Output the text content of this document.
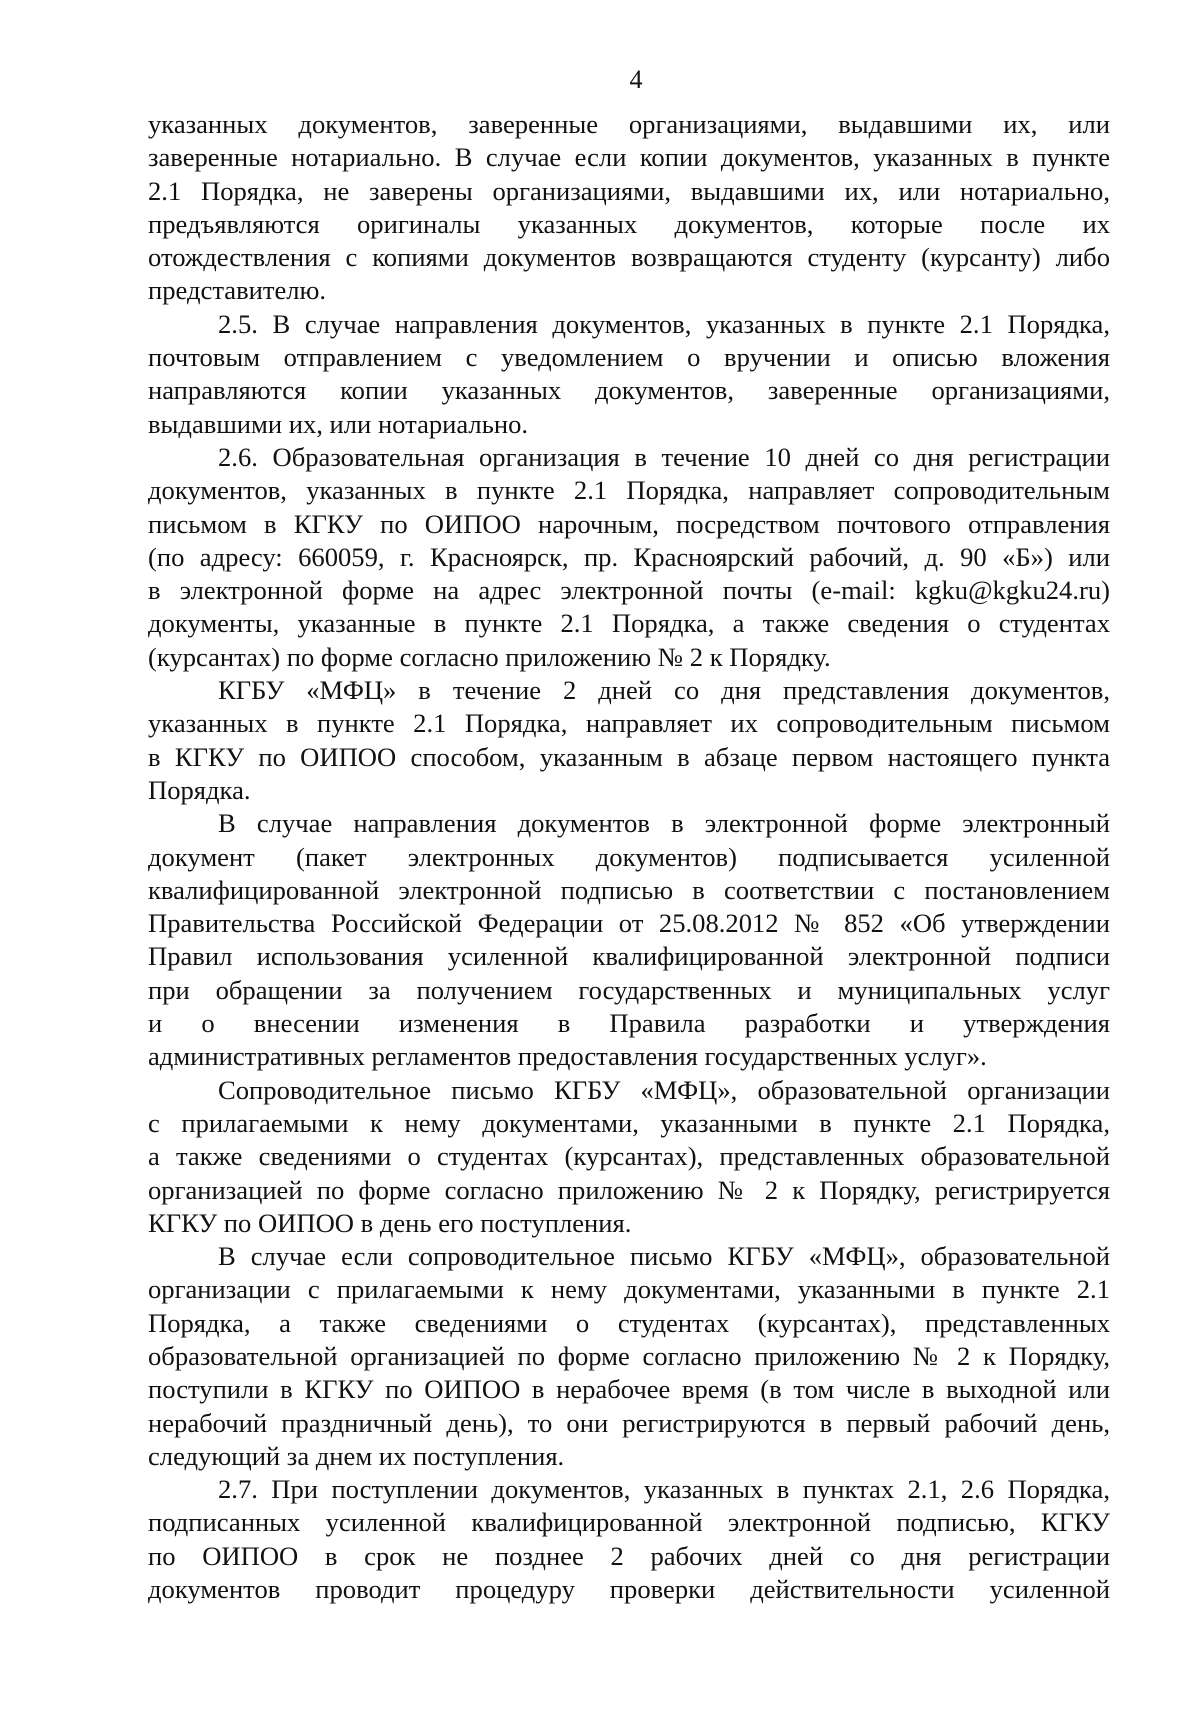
4
указанных документов, заверенные организациями, выдавшими их, или
заверенные нотариально. В случае если копии документов, указанных в пункте
2.1 Порядка, не заверены организациями, выдавшими их, или нотариально,
предъявляются оригиналы указанных документов, которые после их
отождествления с копиями документов возвращаются студенту (курсанту) либо
представителю.
2.5. В случае направления документов, указанных в пункте 2.1 Порядка,
почтовым отправлением с уведомлением о вручении и описью вложения
направляются копии указанных документов, заверенные организациями,
выдавшими их, или нотариально.
2.6. Образовательная организация в течение 10 дней со дня регистрации
документов, указанных в пункте 2.1 Порядка, направляет сопроводительным
письмом в КГКУ по ОИПОО нарочным, посредством почтового отправления
(по адресу: 660059, г. Красноярск, пр. Красноярский рабочий, д. 90 «Б») или
в электронной форме на адрес электронной почты (e-mail: kgku@kgku24.ru)
документы, указанные в пункте 2.1 Порядка, а также сведения о студентах
(курсантах) по форме согласно приложению № 2 к Порядку.
КГБУ «МФЦ» в течение 2 дней со дня представления документов,
указанных в пункте 2.1 Порядка, направляет их сопроводительным письмом
в КГКУ по ОИПОО способом, указанным в абзаце первом настоящего пункта
Порядка.
В случае направления документов в электронной форме электронный
документ (пакет электронных документов) подписывается усиленной
квалифицированной электронной подписью в соответствии с постановлением
Правительства Российской Федерации от 25.08.2012 № 852 «Об утверждении
Правил использования усиленной квалифицированной электронной подписи
при обращении за получением государственных и муниципальных услуг
и о внесении изменения в Правила разработки и утверждения
административных регламентов предоставления государственных услуг».
Сопроводительное письмо КГБУ «МФЦ», образовательной организации
с прилагаемыми к нему документами, указанными в пункте 2.1 Порядка,
а также сведениями о студентах (курсантах), представленных образовательной
организацией по форме согласно приложению № 2 к Порядку, регистрируется
КГКУ по ОИПОО в день его поступления.
В случае если сопроводительное письмо КГБУ «МФЦ», образовательной
организации с прилагаемыми к нему документами, указанными в пункте 2.1
Порядка, а также сведениями о студентах (курсантах), представленных
образовательной организацией по форме согласно приложению № 2 к Порядку,
поступили в КГКУ по ОИПОО в нерабочее время (в том числе в выходной или
нерабочий праздничный день), то они регистрируются в первый рабочий день,
следующий за днем их поступления.
2.7. При поступлении документов, указанных в пунктах 2.1, 2.6 Порядка,
подписанных усиленной квалифицированной электронной подписью, КГКУ
по ОИПОО в срок не позднее 2 рабочих дней со дня регистрации
документов проводит процедуру проверки действительности усиленной
